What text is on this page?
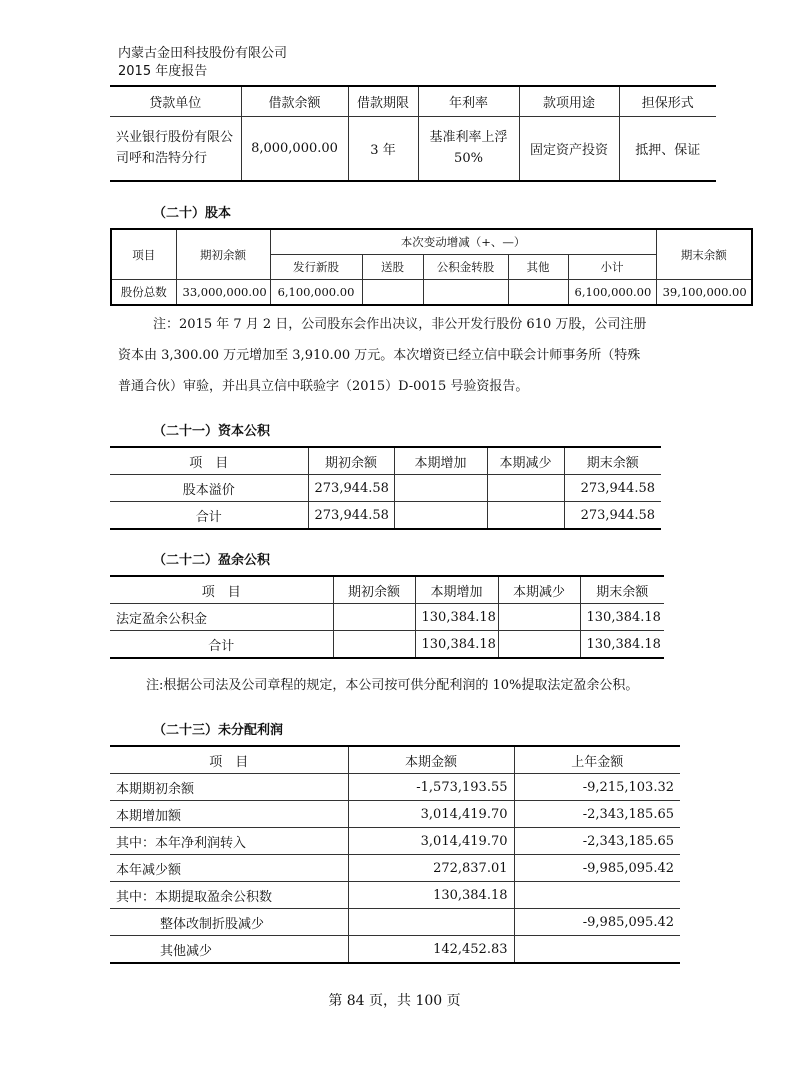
内蒙古金田科技股份有限公司
2015 年度报告
贷款单位	借款余额	借款期限	年利率	款项用途	担保形式
兴业银行股份有限公司呼和浩特分行	8,000,000.00	3 年	基准利率上浮 50%	固定资产投资	抵押、保证
（二十）股本
项目	期初余额	本次变动增减（+、—）					期末余额
		发行新股	送股	公积金转股	其他	小计	
股份总数	33,000,000.00	6,100,000.00				6,100,000.00	39,100,000.00
注：2015 年 7 月 2 日，公司股东会作出决议，非公开发行股份 610 万股，公司注册
资本由 3,300.00 万元增加至 3,910.00 万元。本次增资已经立信中联会计师事务所（特殊
普通合伙）审验，并出具立信中联验字（2015）D-0015 号验资报告。
（二十一）资本公积
项　目	期初余额	本期增加	本期减少	期末余额
股本溢价	273,944.58			273,944.58
合计	273,944.58			273,944.58
（二十二）盈余公积
项　目	期初余额	本期增加	本期减少	期末余额
法定盈余公积金		130,384.18		130,384.18
合计		130,384.18		130,384.18
注:根据公司法及公司章程的规定，本公司按可供分配利润的 10%提取法定盈余公积。
（二十三）未分配利润
项　目	本期金额	上年金额
本期期初余额	-1,573,193.55	-9,215,103.32
本期增加额	3,014,419.70	-2,343,185.65
其中：本年净利润转入	3,014,419.70	-2,343,185.65
本年减少额	272,837.01	-9,985,095.42
其中：本期提取盈余公积数	130,384.18	
整体改制折股减少		-9,985,095.42
其他减少	142,452.83	
第 84 页，共 100 页
